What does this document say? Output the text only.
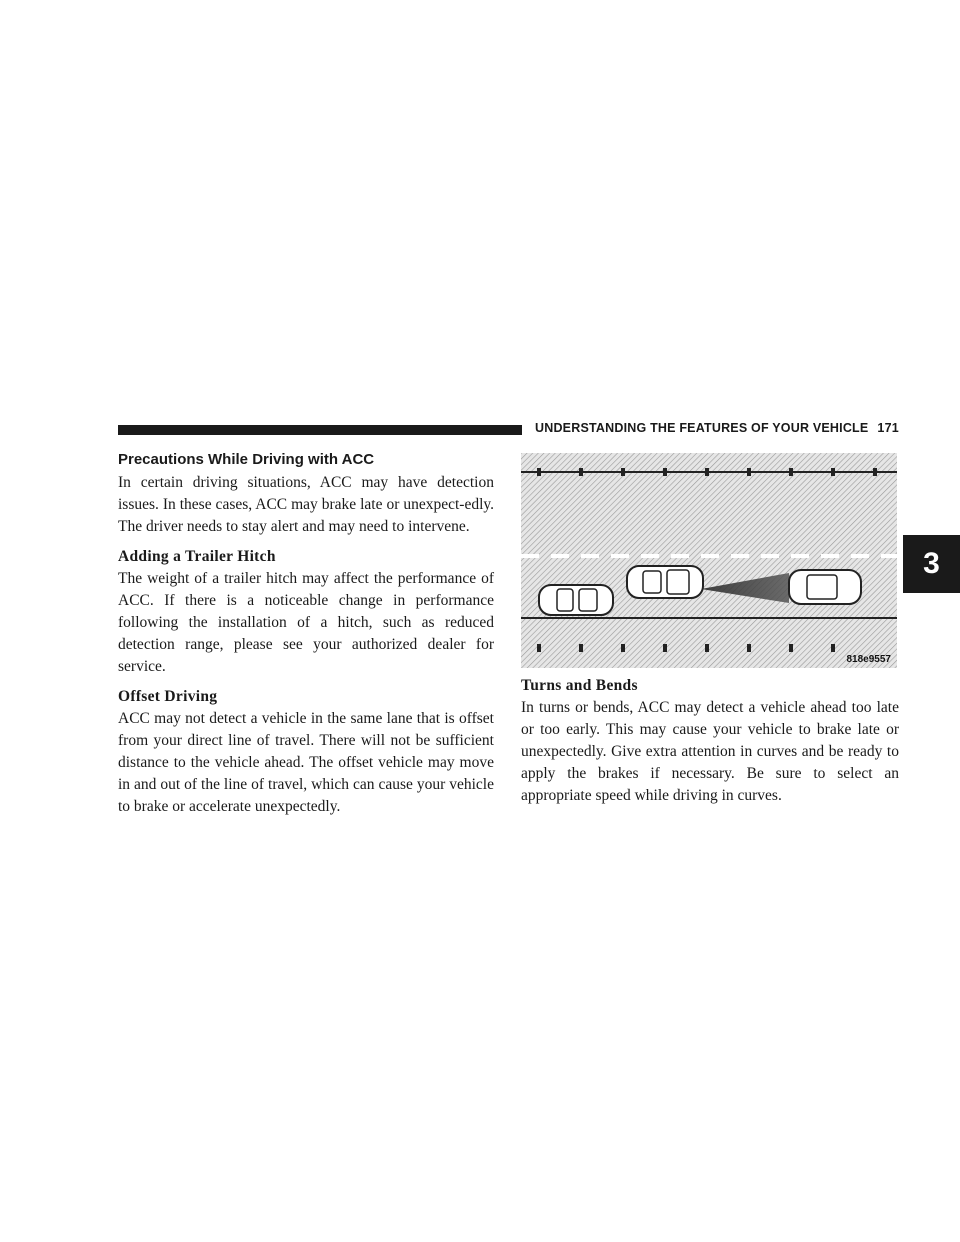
UNDERSTANDING THE FEATURES OF YOUR VEHICLE 171
3
Precautions While Driving with ACC

In certain driving situations, ACC may have detection issues. In these cases, ACC may brake late or unexpect-edly. The driver needs to stay alert and may need to intervene.

Adding a Trailer Hitch

The weight of a trailer hitch may affect the performance of ACC. If there is a noticeable change in performance following the installation of a hitch, such as reduced detection range, please see your authorized dealer for service.

Offset Driving

ACC may not detect a vehicle in the same lane that is offset from your direct line of travel. There will not be sufficient distance to the vehicle ahead. The offset vehicle may move in and out of the line of travel, which can cause your vehicle to brake or accelerate unexpectedly.

818e9557
Turns and Bends

In turns or bends, ACC may detect a vehicle ahead too late or too early. This may cause your vehicle to brake late or unexpectedly. Give extra attention in curves and be ready to apply the brakes if necessary. Be sure to select an appropriate speed while driving in curves.
